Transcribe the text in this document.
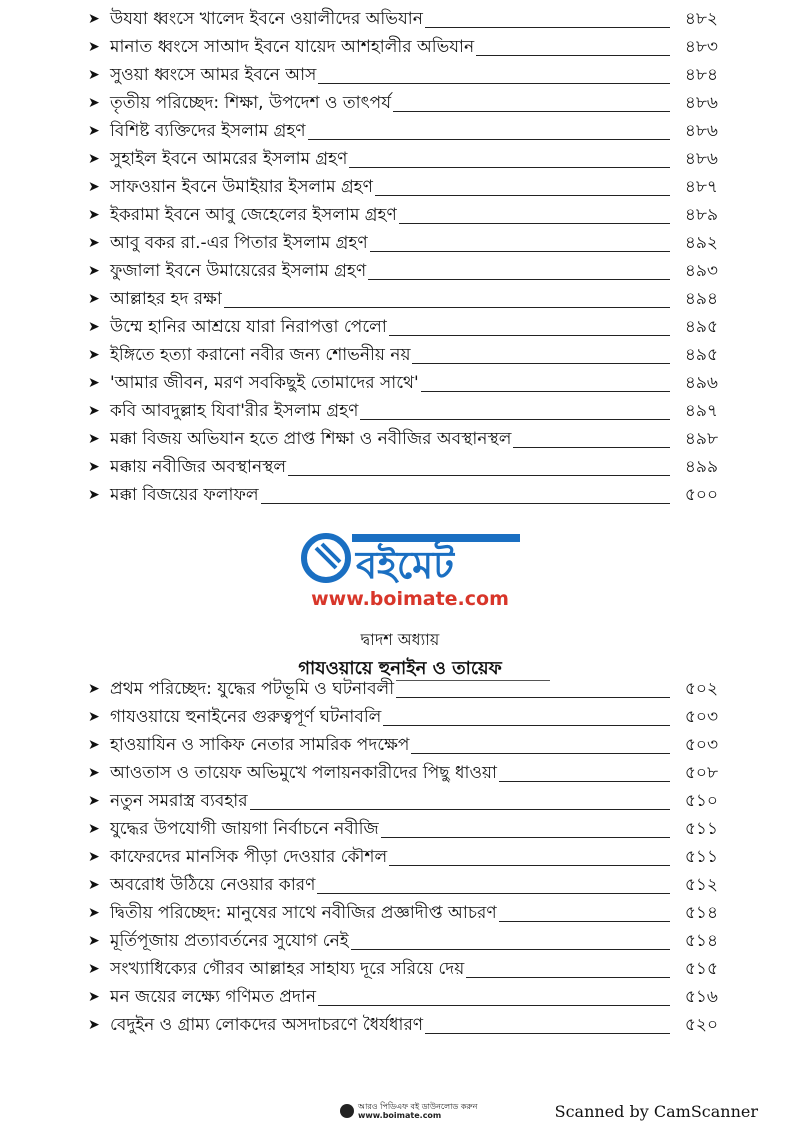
➤ উযযা ধ্বংসে খালেদ ইবনে ওয়ালীদের অভিযান	৪৮২
➤ মানাত ধ্বংসে সাআদ ইবনে যায়েদ আশহালীর অভিযান	৪৮৩
➤ সুওয়া ধ্বংসে আমর ইবনে আস	৪৮৪
➤ তৃতীয় পরিচ্ছেদ: শিক্ষা, উপদেশ ও তাৎপর্য	৪৮৬
➤ বিশিষ্ট ব্যক্তিদের ইসলাম গ্রহণ	৪৮৬
➤ সুহাইল ইবনে আমরের ইসলাম গ্রহণ	৪৮৬
➤ সাফওয়ান ইবনে উমাইয়ার ইসলাম গ্রহণ	৪৮৭
➤ ইকরামা ইবনে আবু জেহেলের ইসলাম গ্রহণ	৪৮৯
➤ আবু বকর রা.-এর পিতার ইসলাম গ্রহণ	৪৯২
➤ ফুজালা ইবনে উমায়েরের ইসলাম গ্রহণ	৪৯৩
➤ আল্লাহর হদ রক্ষা	৪৯৪
➤ উম্মে হানির আশ্রয়ে যারা নিরাপত্তা পেলো	৪৯৫
➤ ইঙ্গিতে হত্যা করানো নবীর জন্য শোভনীয় নয়	৪৯৫
➤ 'আমার জীবন, মরণ সবকিছুই তোমাদের সাথে'	৪৯৬
➤ কবি আবদুল্লাহ যিবা'রীর ইসলাম গ্রহণ	৪৯৭
➤ মক্কা বিজয় অভিযান হতে প্রাপ্ত শিক্ষা ও নবীজির অবস্থানস্থল	৪৯৮
➤ মক্কায় নবীজির অবস্থানস্থল	৪৯৯
➤ মক্কা বিজয়ের ফলাফল	৫০০
দ্বাদশ অধ্যায়
গাযওয়ায়ে হুনাইন ও তায়েফ
➤ প্রথম পরিচ্ছেদ: যুদ্ধের পটভূমি ও ঘটনাবলী	৫০২
➤ গাযওয়ায়ে হুনাইনের গুরুত্বপূর্ণ ঘটনাবলি	৫০৩
➤ হাওয়াযিন ও সাকিফ নেতার সামরিক পদক্ষেপ	৫০৩
➤ আওতাস ও তায়েফ অভিমুখে পলায়নকারীদের পিছু ধাওয়া	৫০৮
➤ নতুন সমরাস্ত্র ব্যবহার	৫১০
➤ যুদ্ধের উপযোগী জায়গা নির্বাচনে নবীজি	৫১১
➤ কাফেরদের মানসিক পীড়া দেওয়ার কৌশল	৫১১
➤ অবরোধ উঠিয়ে নেওয়ার কারণ	৫১২
➤ দ্বিতীয় পরিচ্ছেদ: মানুষের সাথে নবীজির প্রজ্ঞাদীপ্ত আচরণ	৫১৪
➤ মূর্তিপূজায় প্রত্যাবর্তনের সুযোগ নেই	৫১৪
➤ সংখ্যাধিক্যের গৌরব আল্লাহর সাহায্য দূরে সরিয়ে দেয়	৫১৫
➤ মন জয়ের লক্ষ্যে গণিমত প্রদান	৫১৬
➤ বেদুইন ও গ্রাম্য লোকদের অসদাচরণে ধৈর্যধারণ	৫২০
বইমেট
www.boimate.com
আরও পিডিএফ বই ডাউনলোড করুন
www.boimate.com	Scanned by CamScanner
